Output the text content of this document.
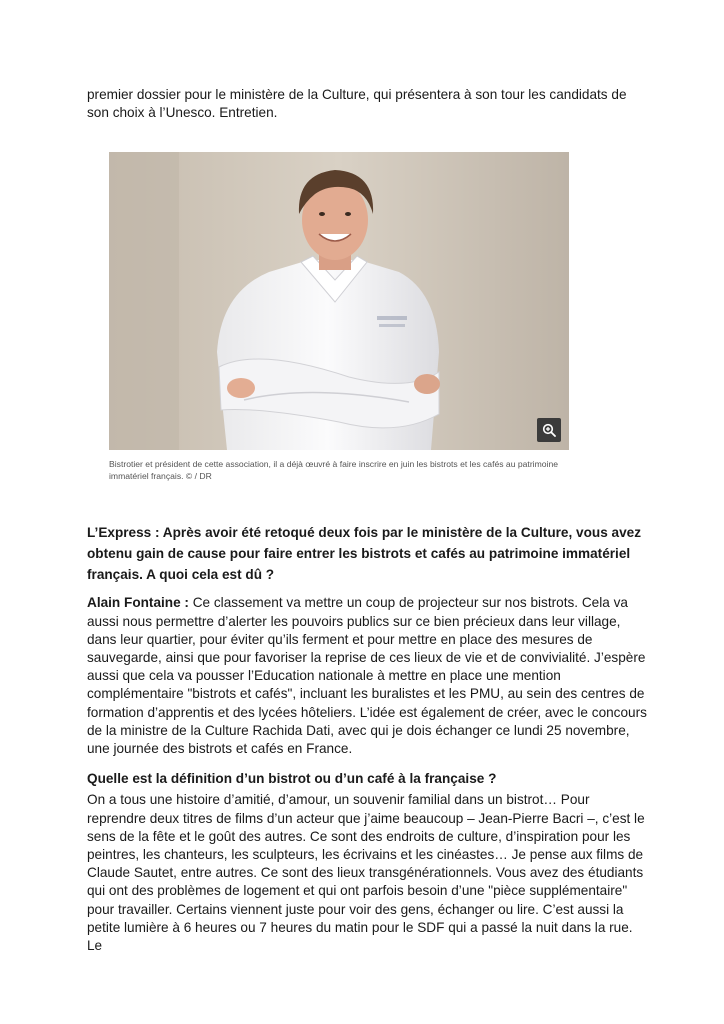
premier dossier pour le ministère de la Culture, qui présentera à son tour les candidats de son choix à l’Unesco. Entretien.

Bistrotier et président de cette association, il a déjà œuvré à faire inscrire en juin les bistrots et les cafés au patrimoine immatériel français. © / DR

L’Express : Après avoir été retoqué deux fois par le ministère de la Culture, vous avez obtenu gain de cause pour faire entrer les bistrots et cafés au patrimoine immatériel français. A quoi cela est dû ?

Alain Fontaine : Ce classement va mettre un coup de projecteur sur nos bistrots. Cela va aussi nous permettre d’alerter les pouvoirs publics sur ce bien précieux dans leur village, dans leur quartier, pour éviter qu’ils ferment et pour mettre en place des mesures de sauvegarde, ainsi que pour favoriser la reprise de ces lieux de vie et de convivialité. J’espère aussi que cela va pousser l’Education nationale à mettre en place une mention complémentaire "bistrots et cafés", incluant les buralistes et les PMU, au sein des centres de formation d’apprentis et des lycées hôteliers. L’idée est également de créer, avec le concours de la ministre de la Culture Rachida Dati, avec qui je dois échanger ce lundi 25 novembre, une journée des bistrots et cafés en France.

Quelle est la définition d’un bistrot ou d’un café à la française ?

On a tous une histoire d’amitié, d’amour, un souvenir familial dans un bistrot… Pour reprendre deux titres de films d’un acteur que j’aime beaucoup – Jean-Pierre Bacri –, c’est le sens de la fête et le goût des autres. Ce sont des endroits de culture, d’inspiration pour les peintres, les chanteurs, les sculpteurs, les écrivains et les cinéastes… Je pense aux films de Claude Sautet, entre autres. Ce sont des lieux transgénérationnels. Vous avez des étudiants qui ont des problèmes de logement et qui ont parfois besoin d’une "pièce supplémentaire" pour travailler. Certains viennent juste pour voir des gens, échanger ou lire. C’est aussi la petite lumière à 6 heures ou 7 heures du matin pour le SDF qui a passé la nuit dans la rue. Le
